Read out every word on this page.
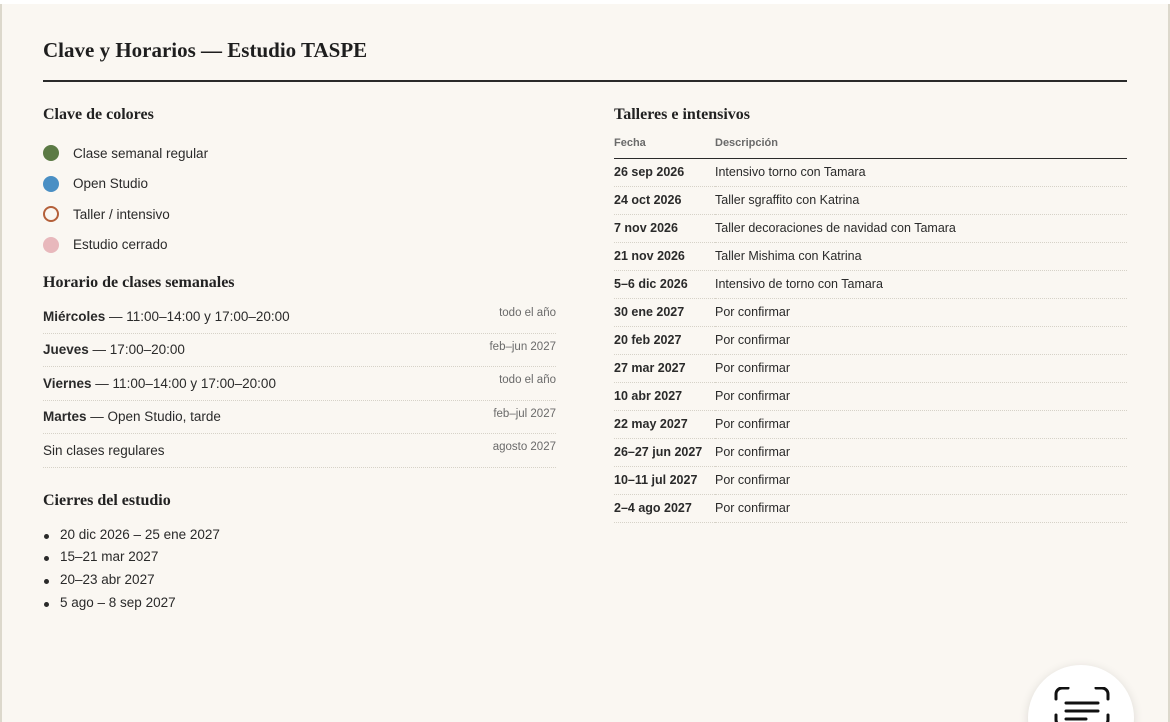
Clave y Horarios — Estudio TASPE
Clave de colores
Clase semanal regular
Open Studio
Taller / intensivo
Estudio cerrado
Horario de clases semanales
Miércoles — 11:00–14:00 y 17:00–20:00	todo el año
Jueves — 17:00–20:00	feb–jun 2027
Viernes — 11:00–14:00 y 17:00–20:00	todo el año
Martes — Open Studio, tarde	feb–jul 2027
Sin clases regulares	agosto 2027
Cierres del estudio
20 dic 2026 – 25 ene 2027
15–21 mar 2027
20–23 abr 2027
5 ago – 8 sep 2027
Talleres e intensivos
Fecha	Descripción
26 sep 2026	Intensivo torno con Tamara
24 oct 2026	Taller sgraffito con Katrina
7 nov 2026	Taller decoraciones de navidad con Tamara
21 nov 2026	Taller Mishima con Katrina
5–6 dic 2026	Intensivo de torno con Tamara
30 ene 2027	Por confirmar
20 feb 2027	Por confirmar
27 mar 2027	Por confirmar
10 abr 2027	Por confirmar
22 may 2027	Por confirmar
26–27 jun 2027	Por confirmar
10–11 jul 2027	Por confirmar
2–4 ago 2027	Por confirmar
